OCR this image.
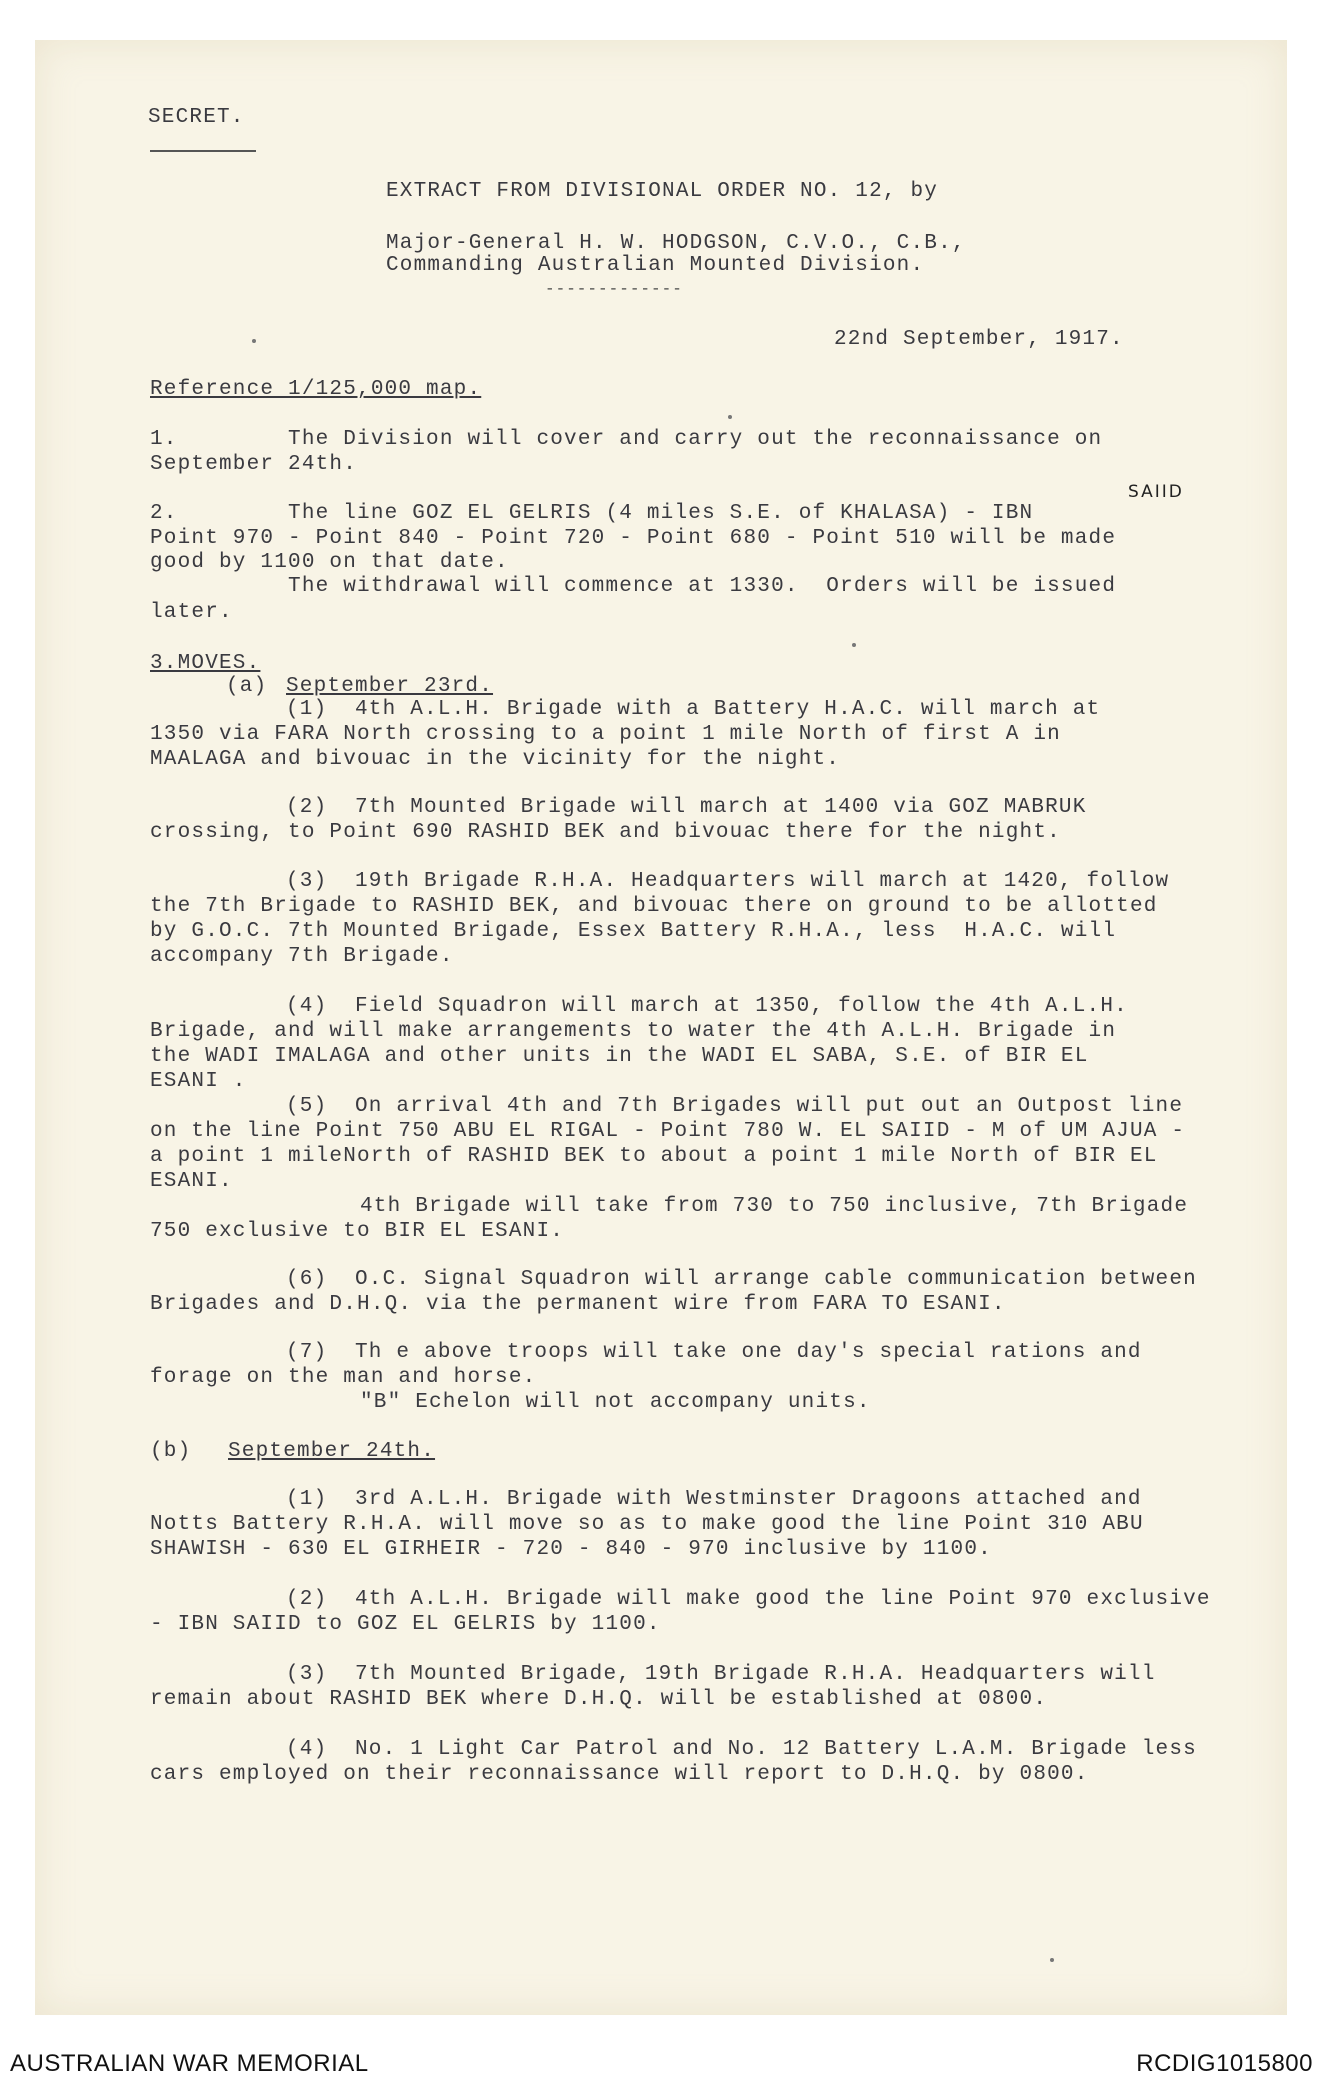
SECRET.
EXTRACT FROM DIVISIONAL ORDER NO. 12, by
Major-General H. W. HODGSON, C.V.O., C.B.,
Commanding Australian Mounted Division.
-------------
22nd September, 1917.
Reference 1/125,000 map.
1.        The Division will cover and carry out the reconnaissance on
September 24th.
SAIID
2.        The line GOZ EL GELRIS (4 miles S.E. of KHALASA) - IBN
Point 970 - Point 840 - Point 720 - Point 680 - Point 510 will be made
good by 1100 on that date.
The withdrawal will commence at 1330.  Orders will be issued
later.
3.MOVES.
(a) September 23rd.
(1)  4th A.L.H. Brigade with a Battery H.A.C. will march at
1350 via FARA North crossing to a point 1 mile North of first A in
MAALAGA and bivouac in the vicinity for the night.
(2)  7th Mounted Brigade will march at 1400 via GOZ MABRUK
crossing, to Point 690 RASHID BEK and bivouac there for the night.
(3)  19th Brigade R.H.A. Headquarters will march at 1420, follow
the 7th Brigade to RASHID BEK, and bivouac there on ground to be allotted
by G.O.C. 7th Mounted Brigade, Essex Battery R.H.A., less  H.A.C. will
accompany 7th Brigade.
(4)  Field Squadron will march at 1350, follow the 4th A.L.H.
Brigade, and will make arrangements to water the 4th A.L.H. Brigade in
the WADI IMALAGA and other units in the WADI EL SABA, S.E. of BIR EL
ESANI .
(5)  On arrival 4th and 7th Brigades will put out an Outpost line
on the line Point 750 ABU EL RIGAL - Point 780 W. EL SAIID - M of UM AJUA -
a point 1 mileNorth of RASHID BEK to about a point 1 mile North of BIR EL
ESANI.
4th Brigade will take from 730 to 750 inclusive, 7th Brigade
750 exclusive to BIR EL ESANI.
(6)  O.C. Signal Squadron will arrange cable communication between
Brigades and D.H.Q. via the permanent wire from FARA TO ESANI.
(7)  Th e above troops will take one day's special rations and
forage on the man and horse.
"B" Echelon will not accompany units.
(b) September 24th.
(1)  3rd A.L.H. Brigade with Westminster Dragoons attached and
Notts Battery R.H.A. will move so as to make good the line Point 310 ABU
SHAWISH - 630 EL GIRHEIR - 720 - 840 - 970 inclusive by 1100.
(2)  4th A.L.H. Brigade will make good the line Point 970 exclusive
- IBN SAIID to GOZ EL GELRIS by 1100.
(3)  7th Mounted Brigade, 19th Brigade R.H.A. Headquarters will
remain about RASHID BEK where D.H.Q. will be established at 0800.
(4)  No. 1 Light Car Patrol and No. 12 Battery L.A.M. Brigade less
cars employed on their reconnaissance will report to D.H.Q. by 0800.
AUSTRALIAN WAR MEMORIAL	RCDIG1015800
